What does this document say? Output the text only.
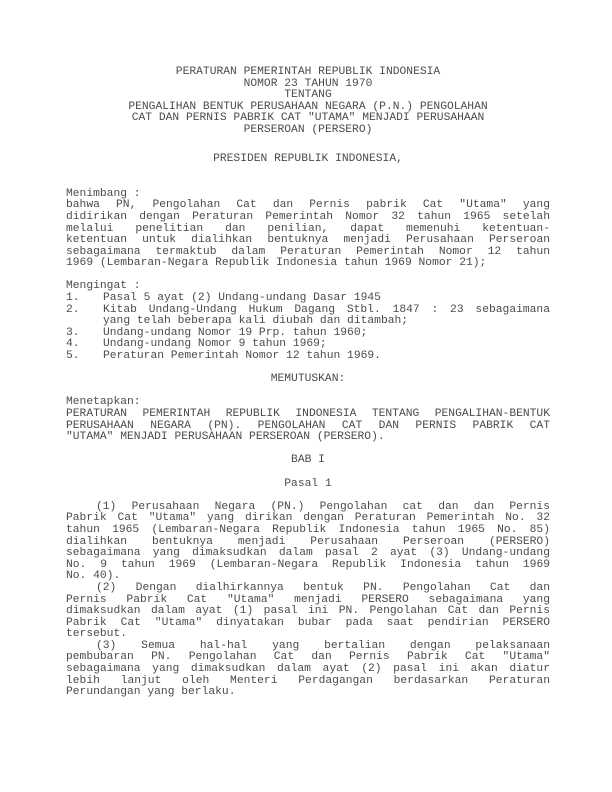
PERATURAN PEMERINTAH REPUBLIK INDONESIA
NOMOR 23 TAHUN 1970
TENTANG
PENGALIHAN BENTUK PERUSAHAAN NEGARA (P.N.) PENGOLAHAN
CAT DAN PERNIS PABRIK CAT "UTAMA" MENJADI PERUSAHAAN
PERSEROAN (PERSERO)
PRESIDEN REPUBLIK INDONESIA,
Menimbang :
bahwa PN, Pengolahan Cat dan Pernis pabrik Cat "Utama" yang
didirikan dengan Peraturan Pemerintah Nomor 32 tahun 1965 setelah
melalui penelitian dan penilian, dapat memenuhi ketentuan-
ketentuan untuk dialihkan bentuknya menjadi Perusahaan Perseroan
sebagaimana termaktub dalam Peraturan Pemerintah Nomor 12 tahun
1969 (Lembaran-Negara Republik Indonesia tahun 1969 Nomor 21);
Mengingat :
1.	Pasal 5 ayat (2) Undang-undang Dasar 1945
2.	Kitab Undang-Undang Hukum Dagang Stbl. 1847 : 23 sebagaimana
yang telah beberapa kali diubah dan ditambah;
3.	Undang-undang Nomor 19 Prp. tahun 1960;
4.	Undang-undang Nomor 9 tahun 1969;
5.	Peraturan Pemerintah Nomor 12 tahun 1969.
MEMUTUSKAN:
Menetapkan:
PERATURAN PEMERINTAH REPUBLIK INDONESIA TENTANG PENGALIHAN-BENTUK
PERUSAHAAN NEGARA (PN). PENGOLAHAN CAT DAN PERNIS PABRIK CAT
"UTAMA" MENJADI PERUSAHAAN PERSEROAN (PERSERO).
BAB I
Pasal 1
(1) Perusahaan Negara (PN.) Pengolahan cat dan dan Pernis
Pabrik Cat "Utama" yang dirikan dengan Peraturan Pemerintah No. 32
tahun 1965 (Lembaran-Negara Republik Indonesia tahun 1965 No. 85)
dialihkan bentuknya menjadi Perusahaan Perseroan (PERSERO)
sebagaimana yang dimaksudkan dalam pasal 2 ayat (3) Undang-undang
No. 9 tahun 1969 (Lembaran-Negara Republik Indonesia tahun 1969
No. 40).
(2) Dengan dialhirkannya bentuk PN. Pengolahan Cat dan
Pernis Pabrik Cat "Utama" menjadi PERSERO sebagaimana yang
dimaksudkan dalam ayat (1) pasal ini PN. Pengolahan Cat dan Pernis
Pabrik Cat "Utama" dinyatakan bubar pada saat pendirian PERSERO
tersebut.
(3) Semua hal-hal yang bertalian dengan pelaksanaan
pembubaran PN. Pengolahan Cat dan Pernis Pabrik Cat "Utama"
sebagaimana yang dimaksudkan dalam ayat (2) pasal ini akan diatur
lebih lanjut oleh Menteri Perdagangan berdasarkan Peraturan
Perundangan yang berlaku.
